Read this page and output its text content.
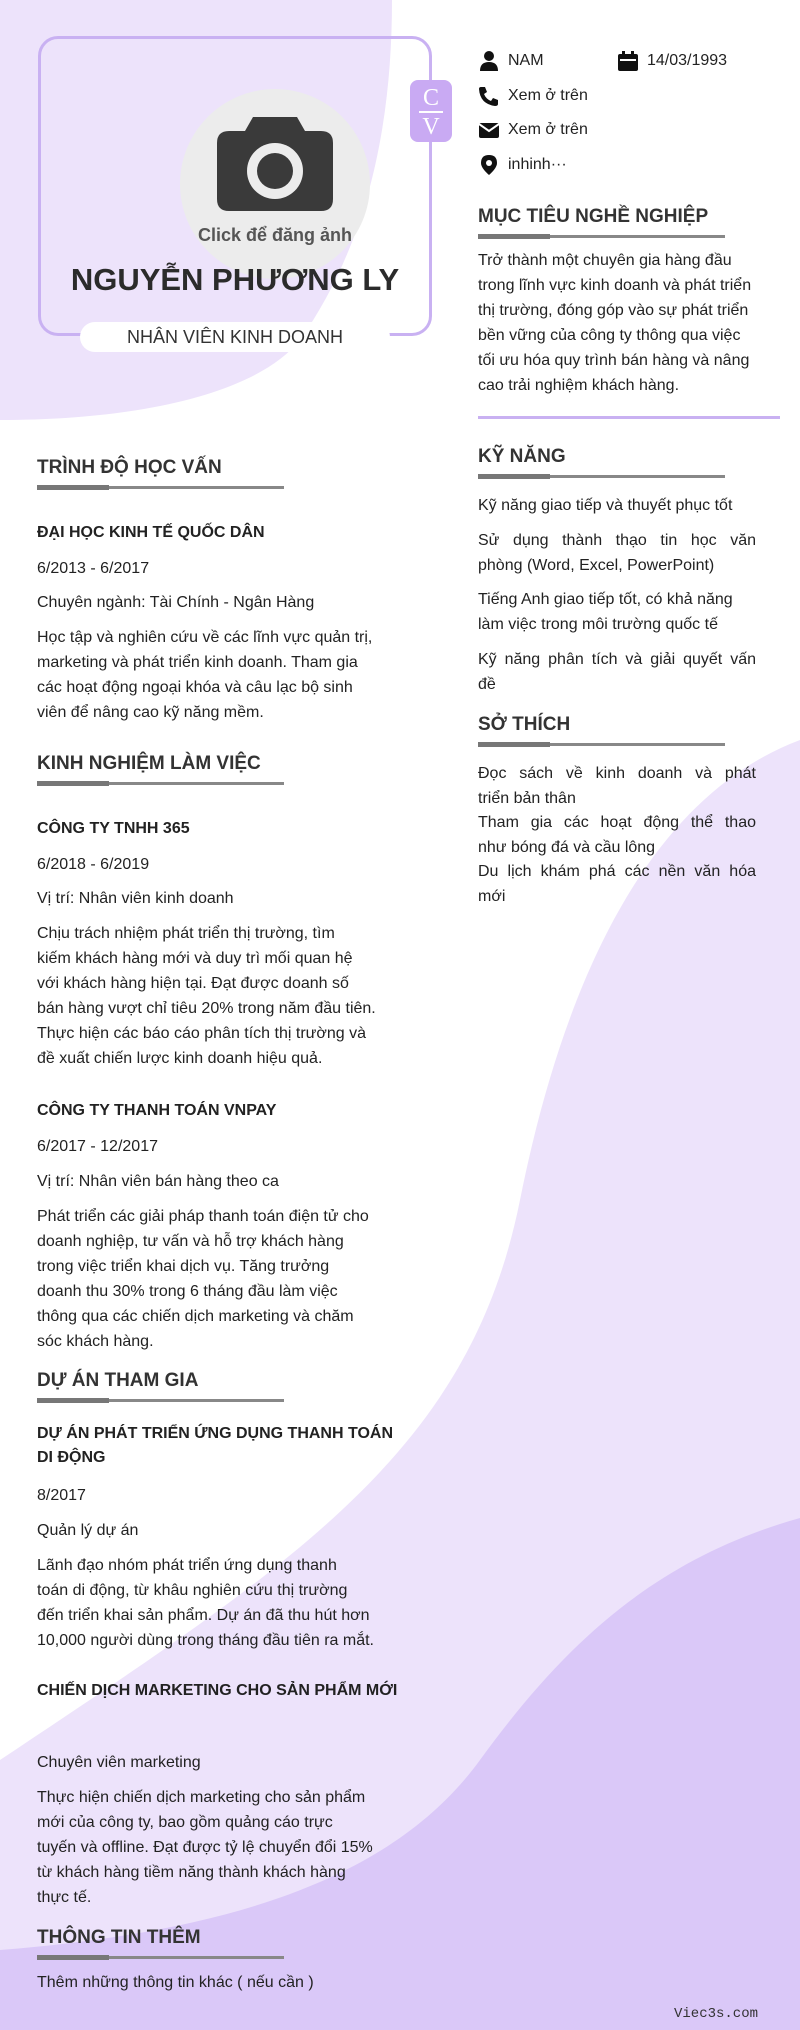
Click để đăng ảnh
C
V
NGUYỄN PHƯƠNG LY
NHÂN VIÊN KINH DOANH
NAM	14/03/1993
Xem ở trên
Xem ở trên
inhinh···
MỤC TIÊU NGHỀ NGHIỆP
Trở thành một chuyên gia hàng đầu
trong lĩnh vực kinh doanh và phát triển
thị trường, đóng góp vào sự phát triển
bền vững của công ty thông qua việc
tối ưu hóa quy trình bán hàng và nâng
cao trải nghiệm khách hàng.
KỸ NĂNG
Kỹ năng giao tiếp và thuyết phục tốt
Sử dụng thành thạo tin học văn
phòng (Word, Excel, PowerPoint)
Tiếng Anh giao tiếp tốt, có khả năng
làm việc trong môi trường quốc tế
Kỹ năng phân tích và giải quyết vấn
đề
SỞ THÍCH
Đọc sách về kinh doanh và phát
triển bản thân
Tham gia các hoạt động thể thao
như bóng đá và cầu lông
Du lịch khám phá các nền văn hóa
mới
TRÌNH ĐỘ HỌC VẤN
ĐẠI HỌC KINH TẾ QUỐC DÂN
6/2013 - 6/2017
Chuyên ngành: Tài Chính - Ngân Hàng
Học tập và nghiên cứu về các lĩnh vực quản trị,
marketing và phát triển kinh doanh. Tham gia
các hoạt động ngoại khóa và câu lạc bộ sinh
viên để nâng cao kỹ năng mềm.
KINH NGHIỆM LÀM VIỆC
CÔNG TY TNHH 365
6/2018 - 6/2019
Vị trí: Nhân viên kinh doanh
Chịu trách nhiệm phát triển thị trường, tìm
kiếm khách hàng mới và duy trì mối quan hệ
với khách hàng hiện tại. Đạt được doanh số
bán hàng vượt chỉ tiêu 20% trong năm đầu tiên.
Thực hiện các báo cáo phân tích thị trường và
đề xuất chiến lược kinh doanh hiệu quả.
CÔNG TY THANH TOÁN VNPAY
6/2017 - 12/2017
Vị trí: Nhân viên bán hàng theo ca
Phát triển các giải pháp thanh toán điện tử cho
doanh nghiệp, tư vấn và hỗ trợ khách hàng
trong việc triển khai dịch vụ. Tăng trưởng
doanh thu 30% trong 6 tháng đầu làm việc
thông qua các chiến dịch marketing và chăm
sóc khách hàng.
DỰ ÁN THAM GIA
DỰ ÁN PHÁT TRIỂN ỨNG DỤNG THANH TOÁN
DI ĐỘNG
8/2017
Quản lý dự án
Lãnh đạo nhóm phát triển ứng dụng thanh
toán di động, từ khâu nghiên cứu thị trường
đến triển khai sản phẩm. Dự án đã thu hút hơn
10,000 người dùng trong tháng đầu tiên ra mắt.
CHIẾN DỊCH MARKETING CHO SẢN PHẨM MỚI
Chuyên viên marketing
Thực hiện chiến dịch marketing cho sản phẩm
mới của công ty, bao gồm quảng cáo trực
tuyến và offline. Đạt được tỷ lệ chuyển đổi 15%
từ khách hàng tiềm năng thành khách hàng
thực tế.
THÔNG TIN THÊM
Thêm những thông tin khác ( nếu cần )
Viec3s.com
